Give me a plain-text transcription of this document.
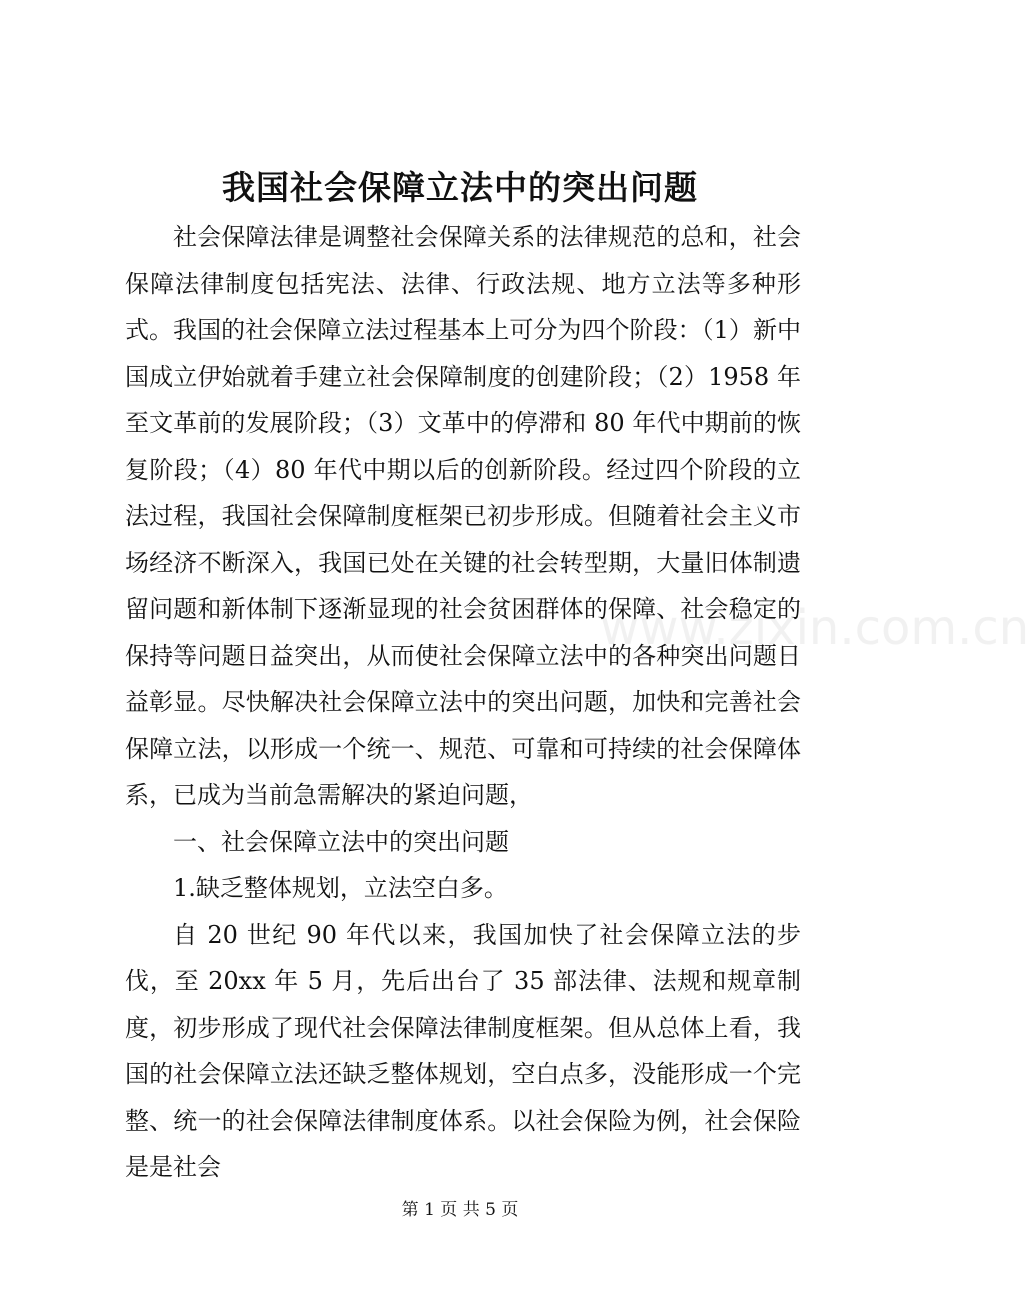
我国社会保障立法中的突出问题

社会保障法律是调整社会保障关系的法律规范的总和，社会保障法律制度包括宪法、法律、行政法规、地方立法等多种形式。我国的社会保障立法过程基本上可分为四个阶段：（1）新中国成立伊始就着手建立社会保障制度的创建阶段；（2）1958 年至文革前的发展阶段；（3）文革中的停滞和 80 年代中期前的恢复阶段；（4）80 年代中期以后的创新阶段。经过四个阶段的立法过程，我国社会保障制度框架已初步形成。但随着社会主义市场经济不断深入，我国已处在关键的社会转型期，大量旧体制遗留问题和新体制下逐渐显现的社会贫困群体的保障、社会稳定的保持等问题日益突出，从而使社会保障立法中的各种突出问题日益彰显。尽快解决社会保障立法中的突出问题，加快和完善社会保障立法，以形成一个统一、规范、可靠和可持续的社会保障体系，已成为当前急需解决的紧迫问题，

一、社会保障立法中的突出问题

1.缺乏整体规划，立法空白多。

自 20 世纪 90 年代以来，我国加快了社会保障立法的步伐，至 20xx 年 5 月，先后出台了 35 部法律、法规和规章制度，初步形成了现代社会保障法律制度框架。但从总体上看，我国的社会保障立法还缺乏整体规划，空白点多，没能形成一个完整、统一的社会保障法律制度体系。以社会保险为例，社会保险是是社会

www.zixin.com.cn
第 1 页 共 5 页
